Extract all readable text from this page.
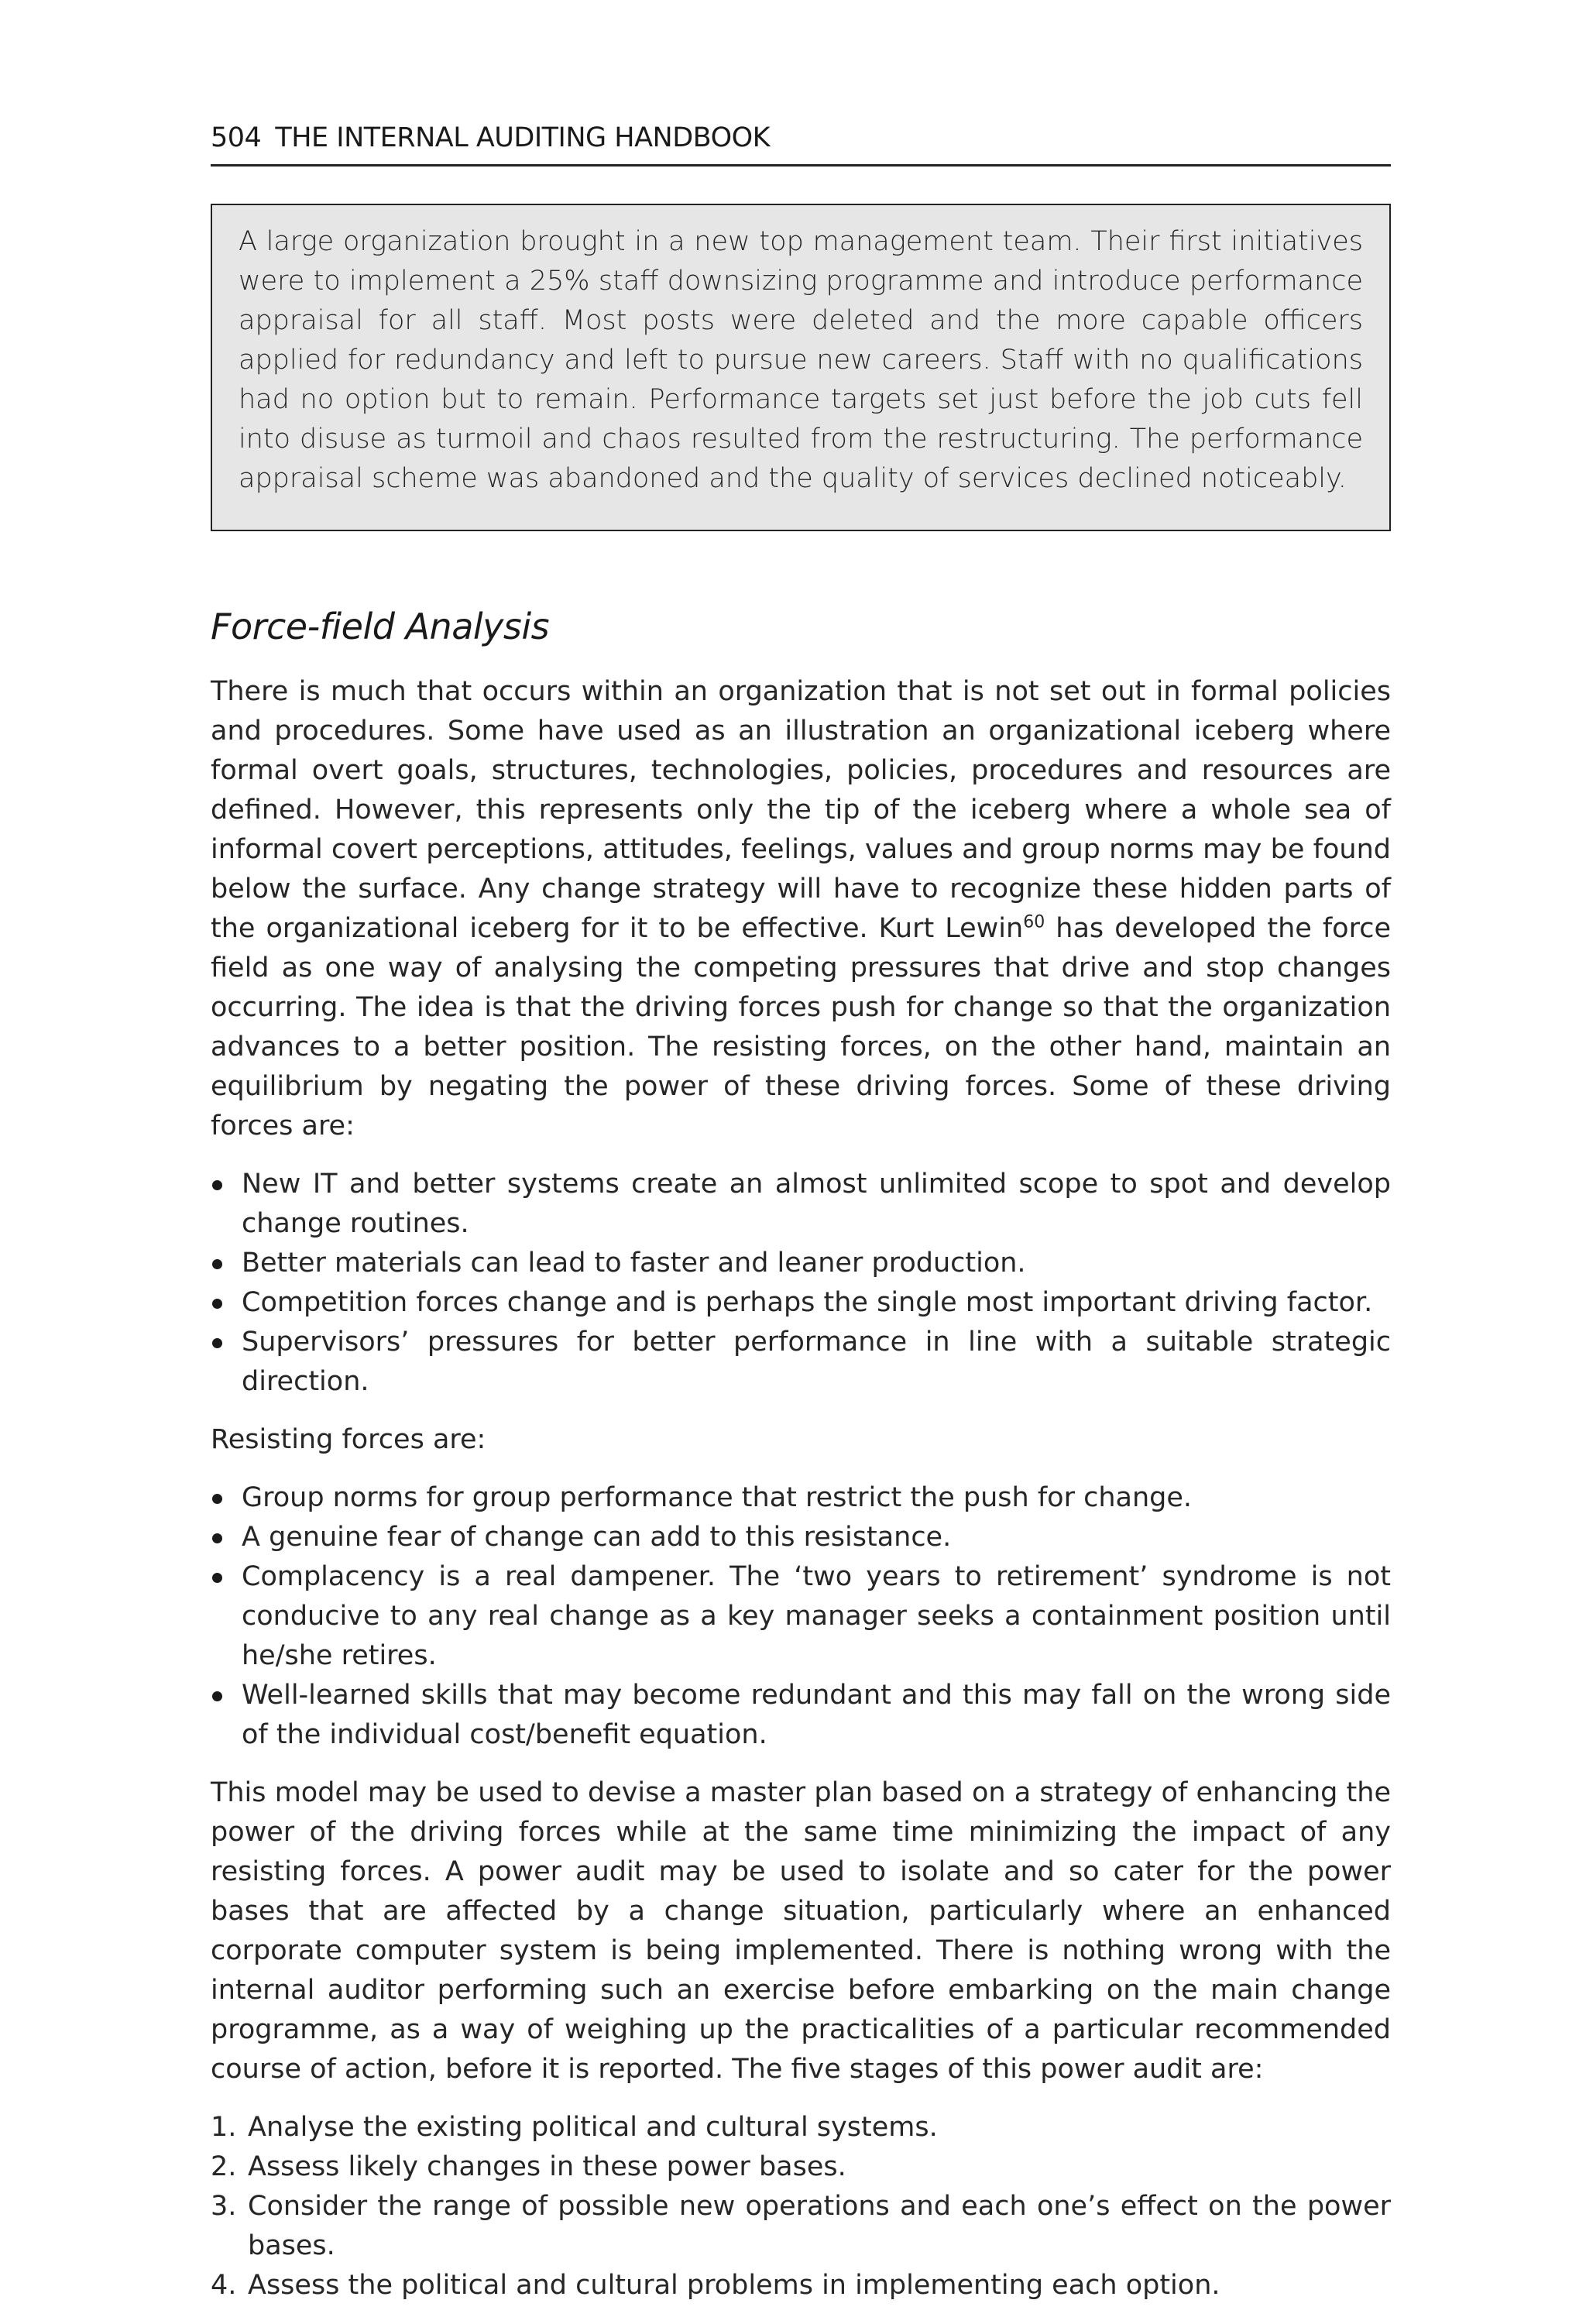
504 THE INTERNAL AUDITING HANDBOOK
A large organization brought in a new top management team. Their first initiatives were to implement a 25% staff downsizing programme and introduce performance appraisal for all staff. Most posts were deleted and the more capable officers applied for redundancy and left to pursue new careers. Staff with no qualifications had no option but to remain. Performance targets set just before the job cuts fell into disuse as turmoil and chaos resulted from the restructuring. The performance appraisal scheme was abandoned and the quality of services declined noticeably.
Force-field Analysis

There is much that occurs within an organization that is not set out in formal policies and procedures. Some have used as an illustration an organizational iceberg where formal overt goals, structures, technologies, policies, procedures and resources are defined. However, this represents only the tip of the iceberg where a whole sea of informal covert perceptions, attitudes, feelings, values and group norms may be found below the surface. Any change strategy will have to recognize these hidden parts of the organizational iceberg for it to be effective. Kurt Lewin$^{60}$ has developed the force field as one way of analysing the competing pressures that drive and stop changes occurring. The idea is that the driving forces push for change so that the organization advances to a better position. The resisting forces, on the other hand, maintain an equilibrium by negating the power of these driving forces. Some of these driving forces are:

New IT and better systems create an almost unlimited scope to spot and develop change routines.
Better materials can lead to faster and leaner production.
Competition forces change and is perhaps the single most important driving factor.
Supervisors’ pressures for better performance in line with a suitable strategic direction.

Resisting forces are:

Group norms for group performance that restrict the push for change.
A genuine fear of change can add to this resistance.
Complacency is a real dampener. The ‘two years to retirement’ syndrome is not conducive to any real change as a key manager seeks a containment position until he/she retires.
Well-learned skills that may become redundant and this may fall on the wrong side of the individual cost/benefit equation.

This model may be used to devise a master plan based on a strategy of enhancing the power of the driving forces while at the same time minimizing the impact of any resisting forces. A power audit may be used to isolate and so cater for the power bases that are affected by a change situation, particularly where an enhanced corporate computer system is being implemented. There is nothing wrong with the internal auditor performing such an exercise before embarking on the main change programme, as a way of weighing up the practicalities of a particular recommended course of action, before it is reported. The five stages of this power audit are:

1. Analyse the existing political and cultural systems.
2. Assess likely changes in these power bases.
3. Consider the range of possible new operations and each one’s effect on the power bases.
4. Assess the political and cultural problems in implementing each option.
